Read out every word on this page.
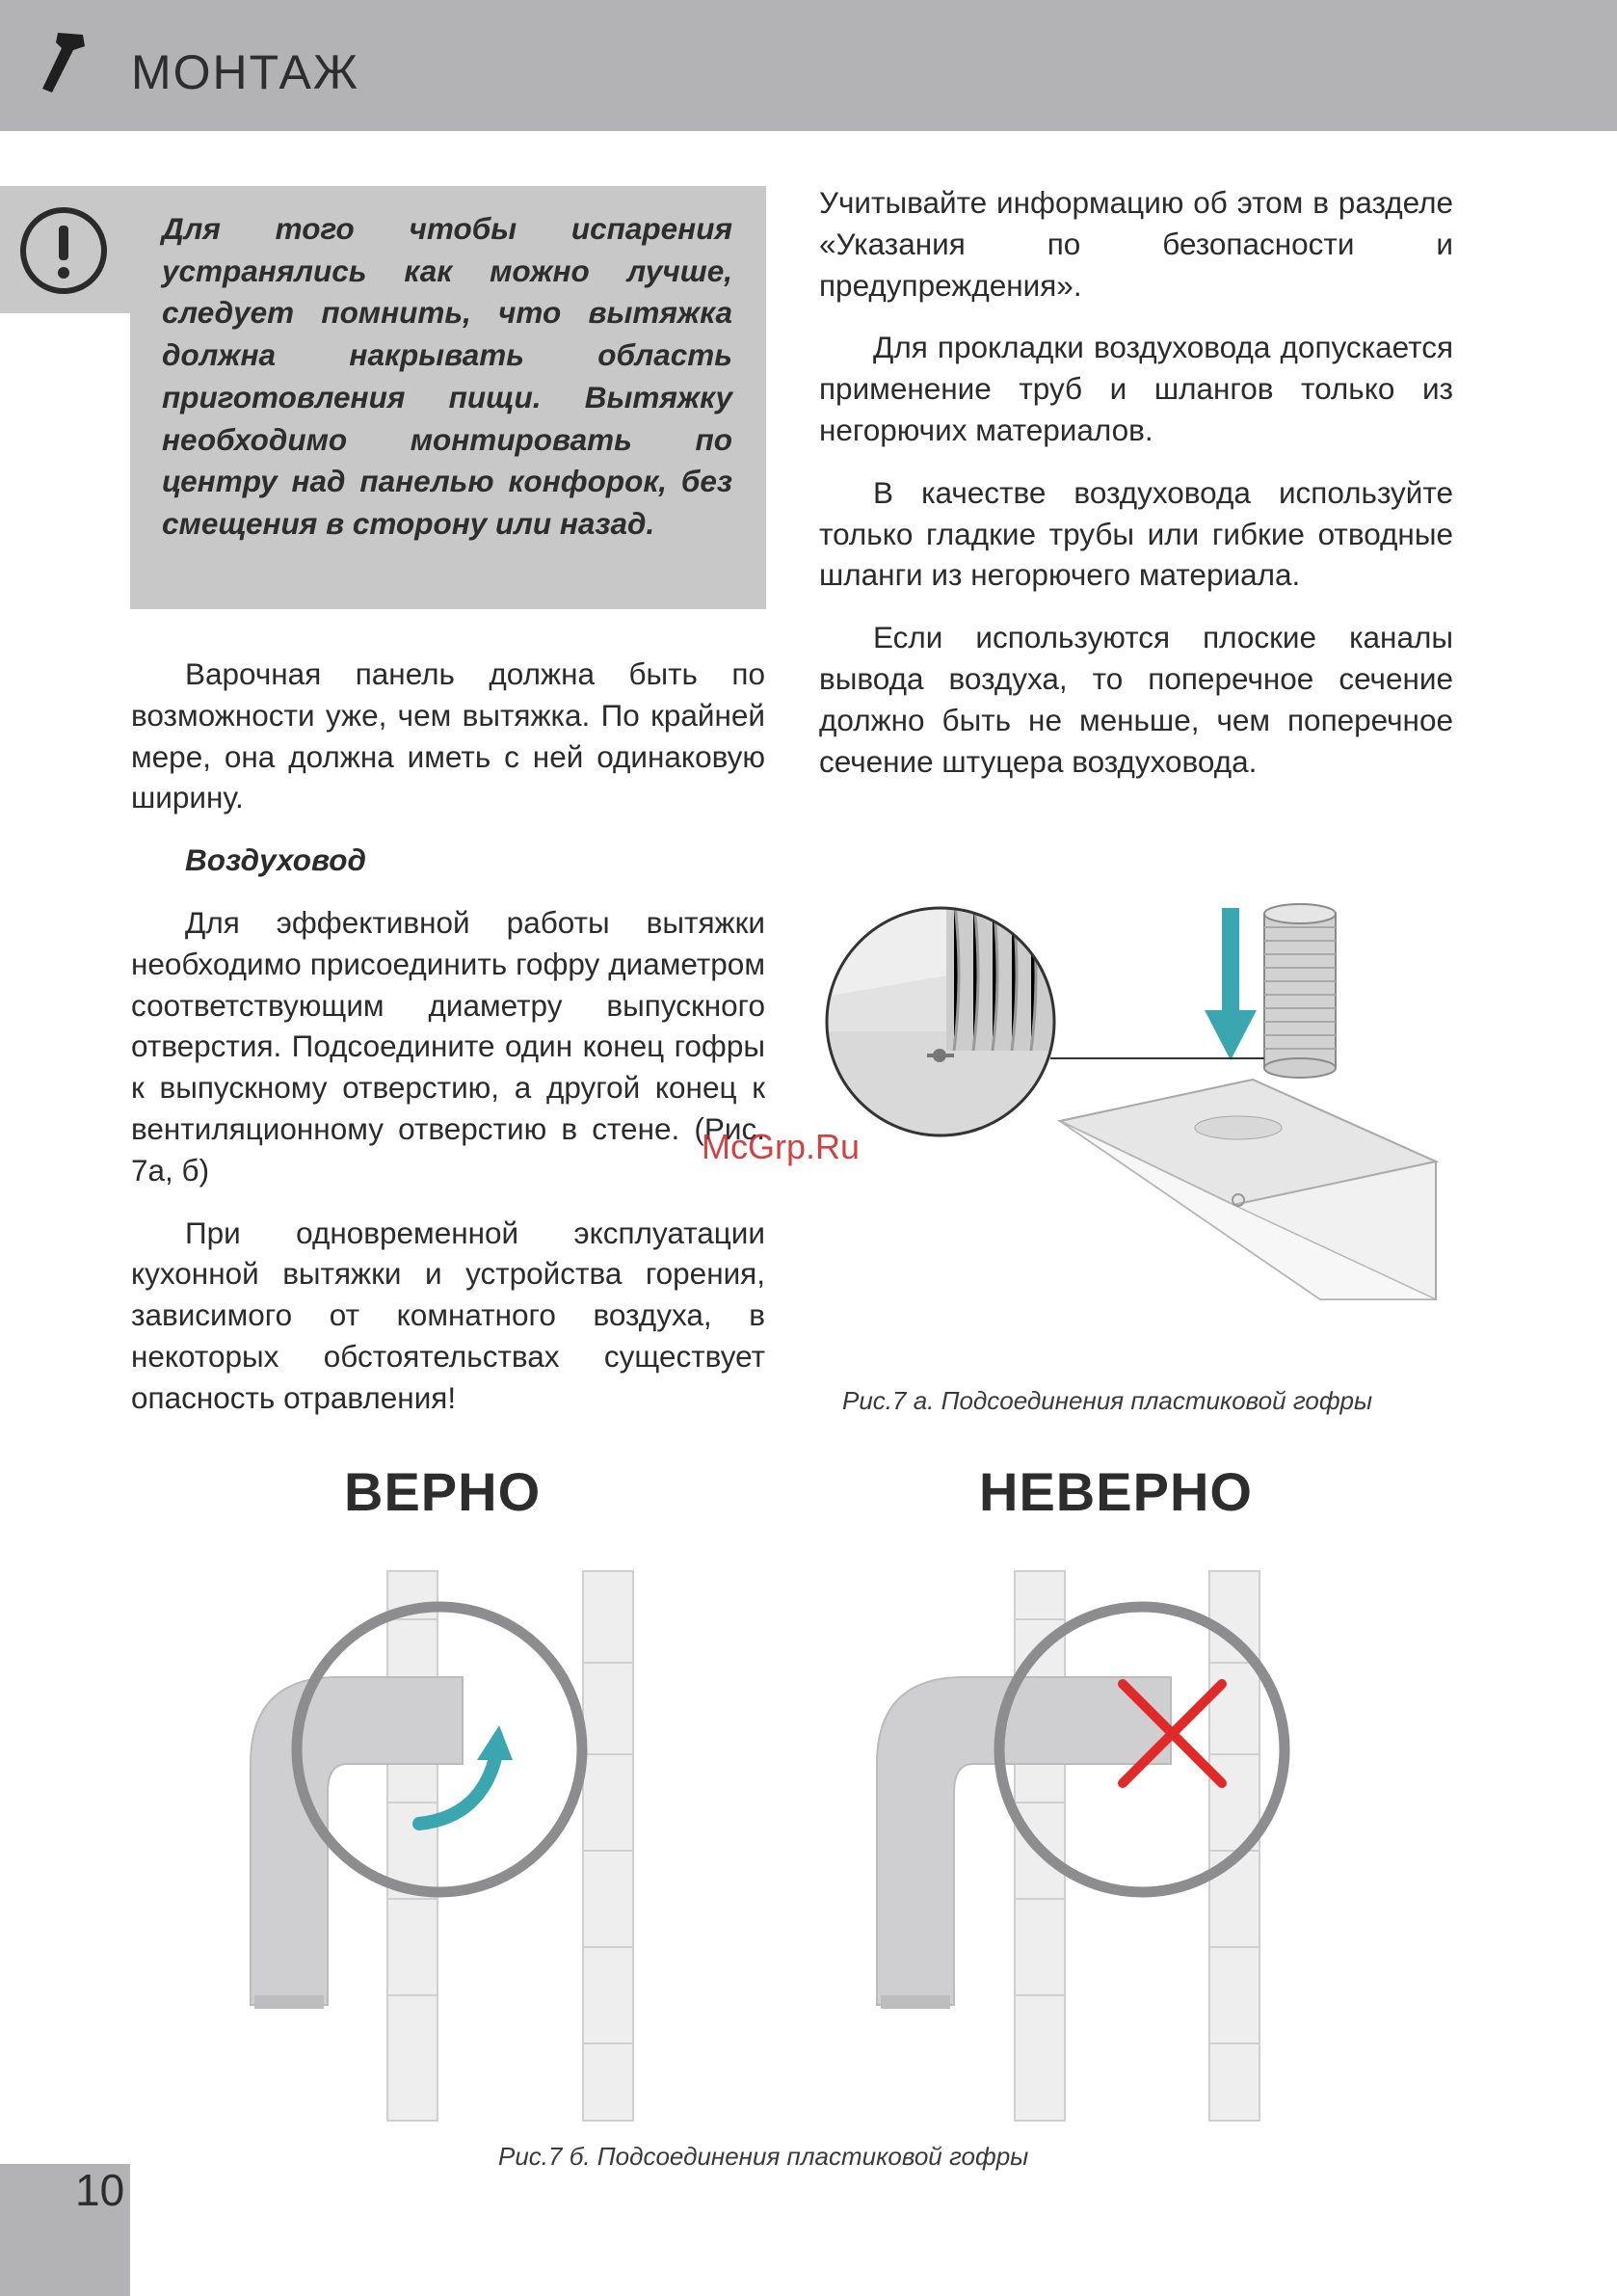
МОНТАЖ
Для того чтобы испарения устранялись как можно лучше, следует помнить, что вытяжка должна накрывать область приготовления пищи. Вытяжку необходимо монтировать по центру над панелью конфорок, без смещения в сторону или назад.

Варочная панель должна быть по возможности уже, чем вытяжка. По крайней мере, она должна иметь с ней одинаковую ширину.

Воздуховод

Для эффективной работы вытяжки необходимо присоединить гофру диаметром соответствующим диаметру выпускного отверстия. Подсоедините один конец гофры к выпускному отверстию, а другой конец к вентиляционному отверстию в стене. (Рис. 7а, б)

При одновременной эксплуатации кухонной вытяжки и устройства горения, зависимого от комнатного воздуха, в некоторых обстоятельствах существует опасность отравления!

Учитывайте информацию об этом в разделе «Указания по безопасности и предупреждения».

Для прокладки воздуховода допускается применение труб и шлангов только из негорючих материалов.

В качестве воздуховода используйте только гладкие трубы или гибкие отводные шланги из негорючего материала.

Если используются плоские каналы вывода воздуха, то поперечное сечение должно быть не меньше, чем поперечное сечение штуцера воздуховода.

Рис.7 а. Подсоединения пластиковой гофры
ВЕРНО	НЕВЕРНО
Рис.7 б. Подсоединения пластиковой гофры
McGrp.Ru
10
